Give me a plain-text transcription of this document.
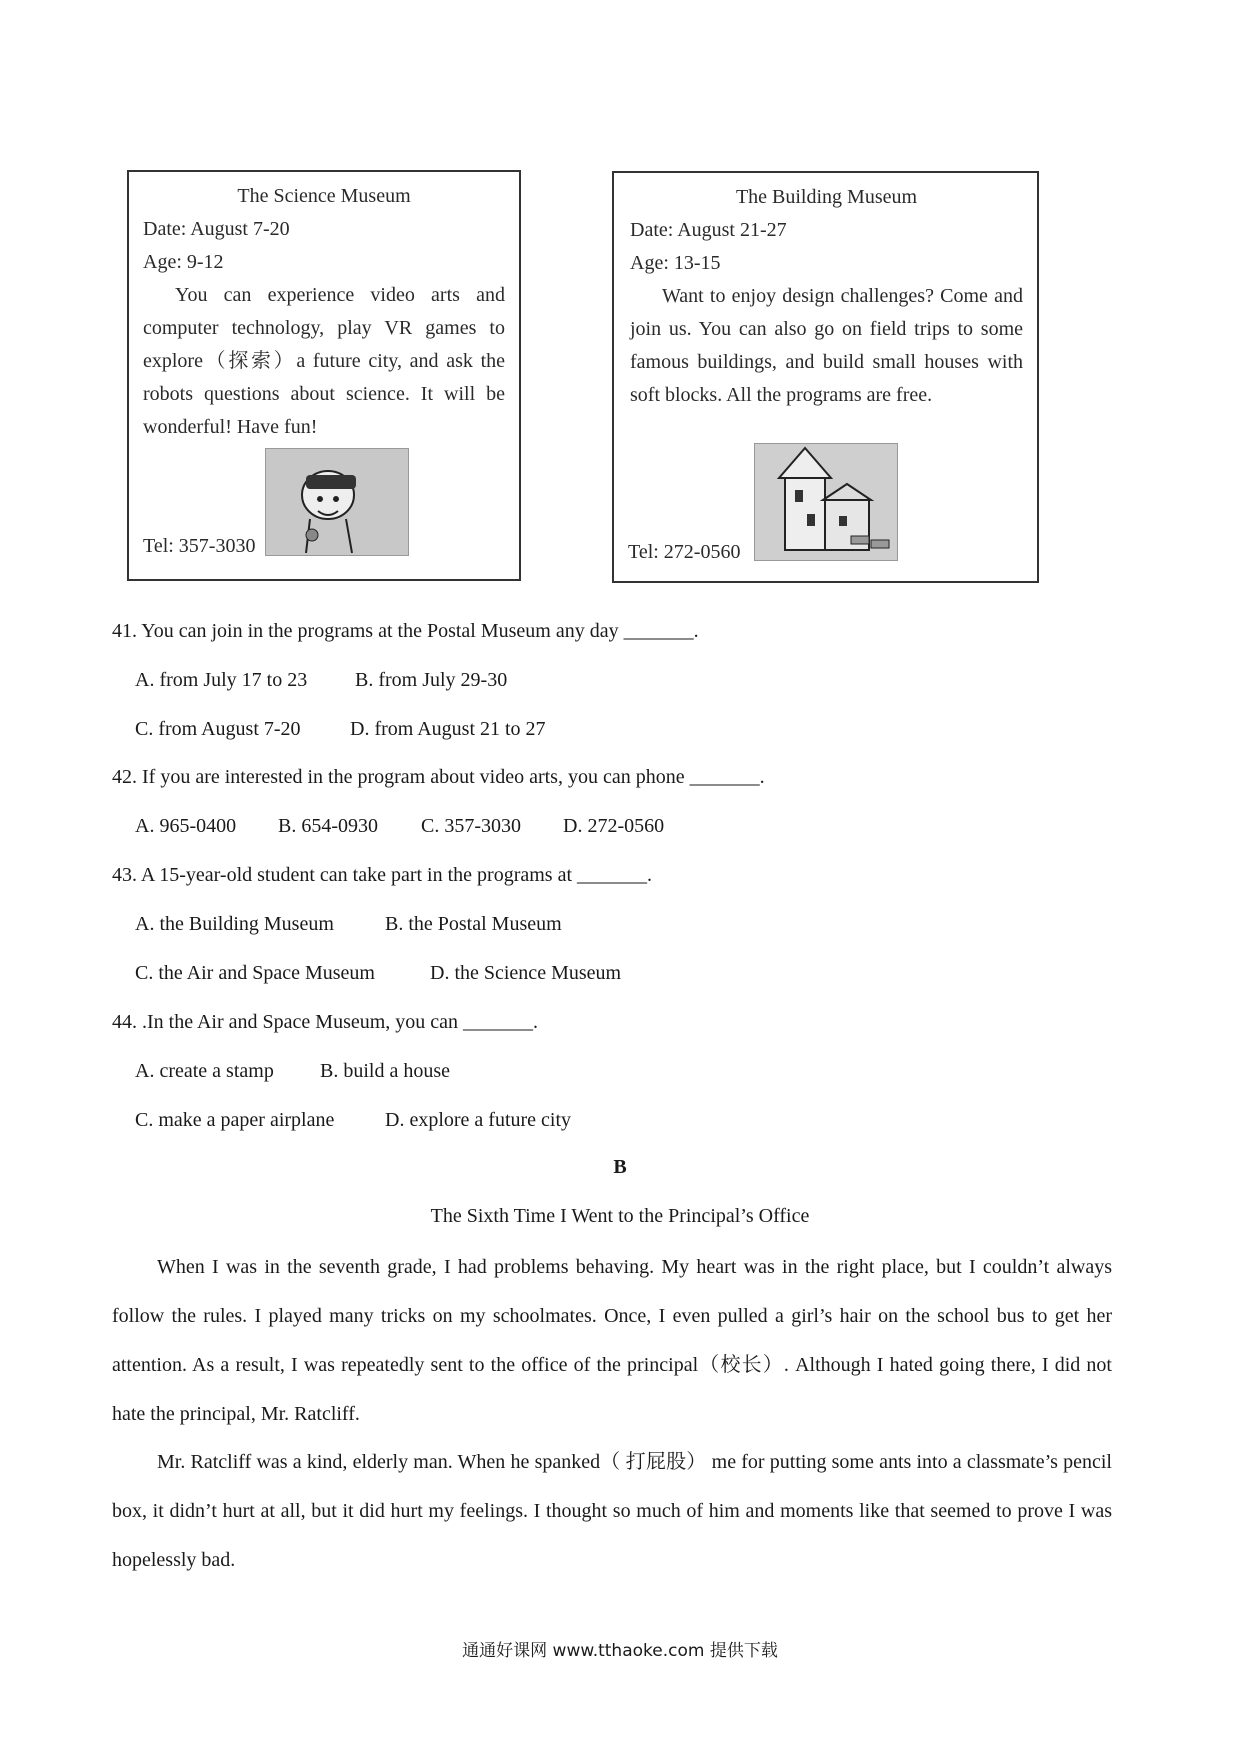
The Science Museum
Date: August 7-20
Age: 9-12
You can experience video arts and computer technology, play VR games to explore（探索）a future city, and ask the robots questions about science. It will be wonderful! Have fun!
Tel: 357-3030
The Building Museum
Date: August 21-27
Age: 13-15
Want to enjoy design challenges? Come and join us. You can also go on field trips to some famous buildings, and build small houses with soft blocks. All the programs are free.
Tel: 272-0560
41. You can join in the programs at the Postal Museum any day _______.
A. from July 17 to 23 B. from July 29-30
C. from August 7-20 D. from August 21 to 27
42. If you are interested in the program about video arts, you can phone _______.
A. 965-0400 B. 654-0930 C. 357-3030 D. 272-0560
43. A 15-year-old student can take part in the programs at _______.
A. the Building Museum	B. the Postal Museum
C. the Air and Space Museum	D. the Science Museum
44. .In the Air and Space Museum, you can _______.
A. create a stamp B. build a house
C. make a paper airplane	D. explore a future city
B
The Sixth Time I Went to the Principal’s Office
When I was in the seventh grade, I had problems behaving. My heart was in the right place, but I couldn’t always follow the rules. I played many tricks on my schoolmates. Once, I even pulled a girl’s hair on the school bus to get her attention. As a result, I was repeatedly sent to the office of the principal（校长）. Although I hated going there, I did not hate the principal, Mr. Ratcliff.
Mr. Ratcliff was a kind, elderly man. When he spanked（ 打屁股） me for putting some ants into a classmate’s pencil box, it didn’t hurt at all, but it did hurt my feelings. I thought so much of him and moments like that seemed to prove I was hopelessly bad.
通通好课网 www.tthaoke.com 提供下载
